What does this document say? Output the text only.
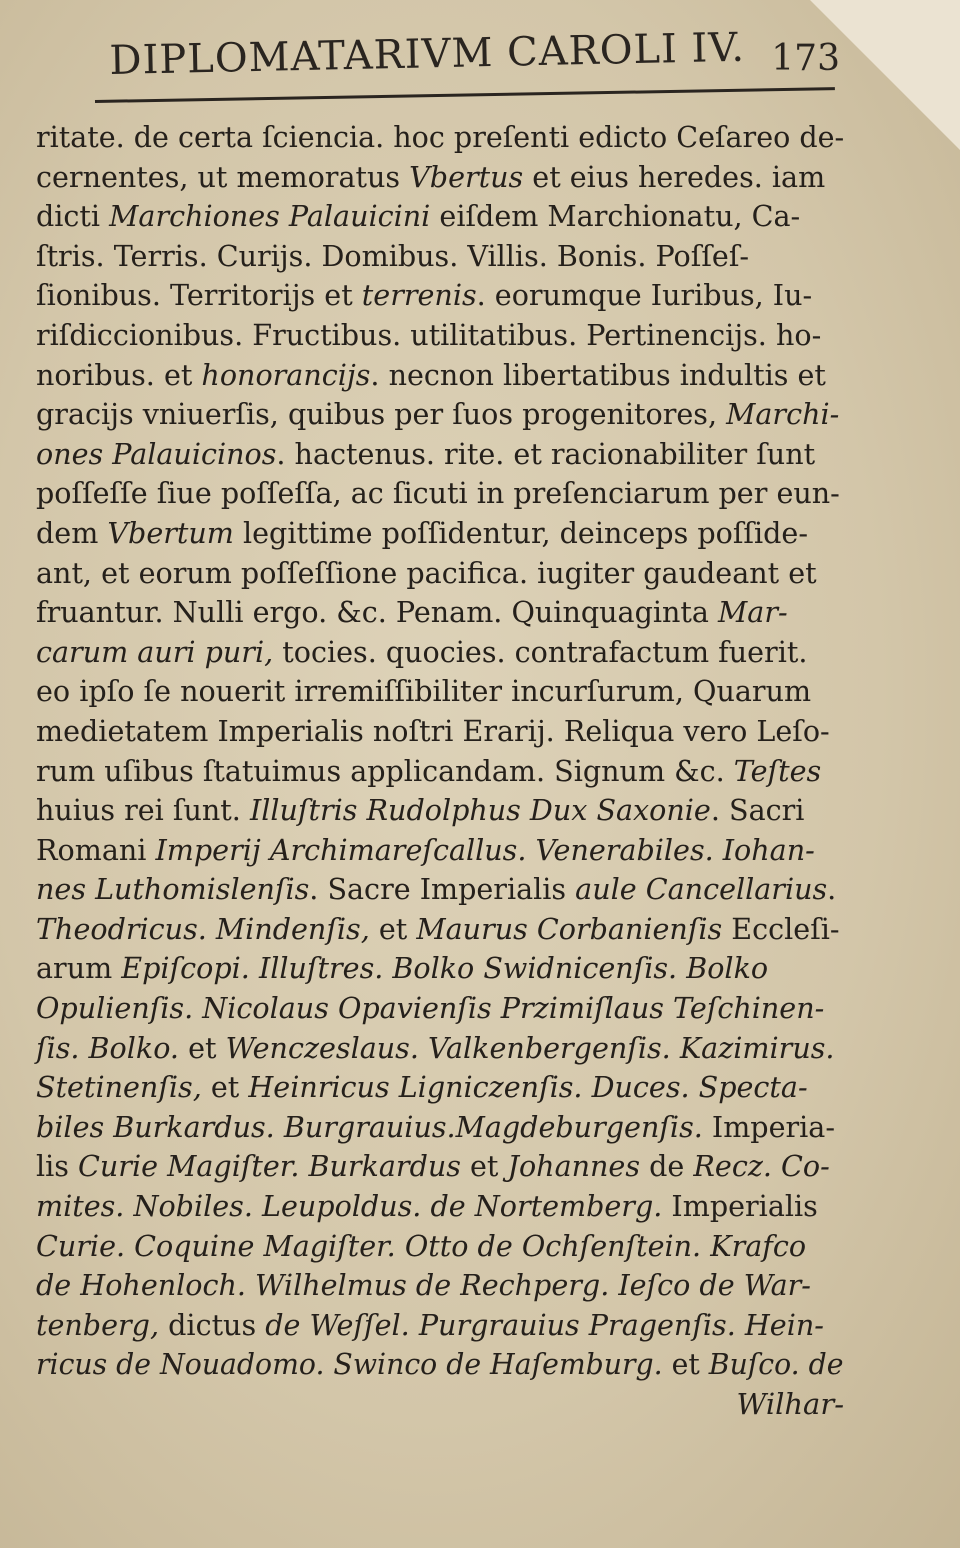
DIPLOMATARIVM CAROLI IV. 173
ritate. de certa ſciencia. hoc preſenti edicto Ceſareo de-
cernentes, ut memoratus Vbertus et eius heredes. iam
dicti Marchiones Palauicini eiſdem Marchionatu, Ca-
ſtris. Terris. Curijs. Domibus. Villis. Bonis. Poſſeſ-
ſionibus. Territorijs et terrenis. eorumque Iuribus, Iu-
riſdiccionibus. Fructibus. utilitatibus. Pertinencijs. ho-
noribus. et honorancijs. necnon libertatibus indultis et
gracijs vniuerſis, quibus per ſuos progenitores, Marchi-
ones Palauicinos. hactenus. rite. et racionabiliter ſunt
poſſeſſe ſiue poſſeſſa, ac ſicuti in preſenciarum per eun-
dem Vbertum legittime poſſidentur, deinceps poſſide-
ant, et eorum poſſeſſione pacifica. iugiter gaudeant et
fruantur. Nulli ergo. &c. Penam. Quinquaginta Mar-
carum auri puri, tocies. quocies. contrafactum fuerit.
eo ipſo ſe nouerit irremiſſibiliter incurſurum, Quarum
medietatem Imperialis noſtri Erarij. Reliqua vero Leſo-
rum uſibus ſtatuimus applicandam. Signum &c. Teſtes
huius rei ſunt. Illuſtris Rudolphus Dux Saxonie. Sacri
Romani Imperij Archimareſcallus. Venerabiles. Iohan-
nes Luthomislenſis. Sacre Imperialis aule Cancellarius.
Theodricus. Mindenſis, et Maurus Corbanienſis Eccleſi-
arum Epiſcopi. Illuſtres. Bolko Swidnicenſis. Bolko
Opulienſis. Nicolaus Opavienſis Przimiſlaus Teſchinen-
ſis. Bolko. et Wenczeslaus. Valkenbergenſis. Kazimirus.
Stetinenſis, et Heinricus Ligniczenſis. Duces. Specta-
biles Burkardus. Burgrauius.Magdeburgenſis. Imperia-
lis Curie Magiſter. Burkardus et Johannes de Recz. Co-
mites. Nobiles. Leupoldus. de Nortemberg. Imperialis
Curie. Coquine Magiſter. Otto de Ochſenſtein. Krafco
de Hohenloch. Wilhelmus de Rechperg. Ieſco de War-
tenberg, dictus de Weſſel. Purgrauius Pragenſis. Hein-
ricus de Nouadomo. Swinco de Haſemburg. et Buſco. de
Wilhar-
